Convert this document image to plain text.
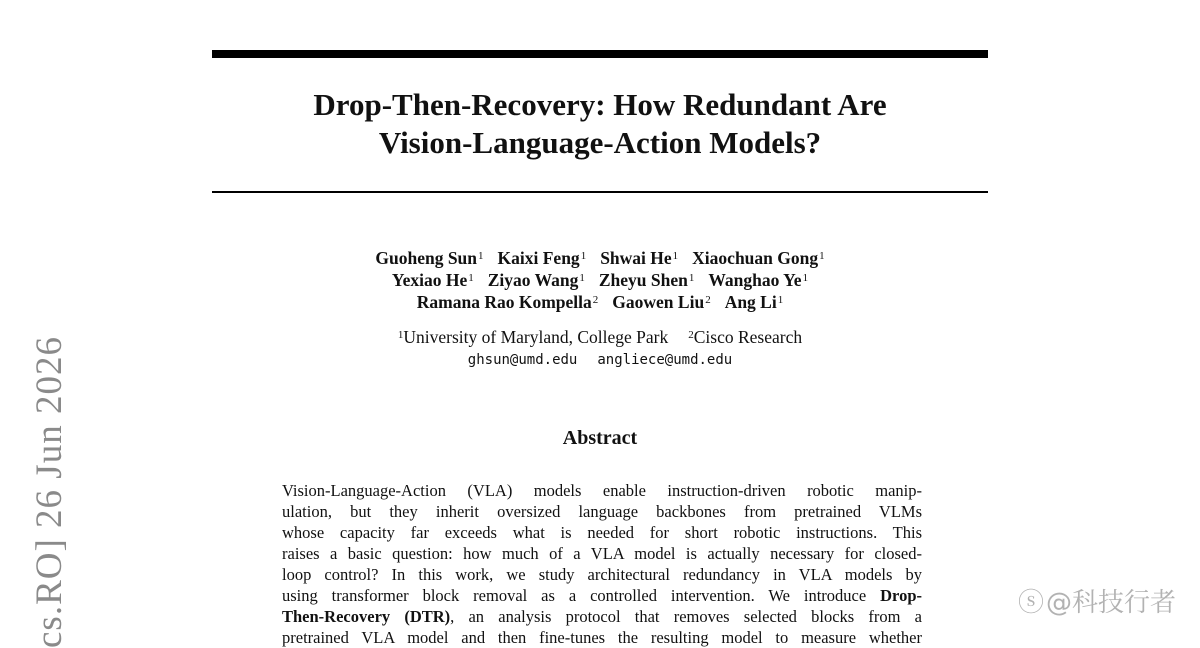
Drop-Then-Recovery: How Redundant Are
Vision-Language-Action Models?
Guoheng Sun$^1$ Kaixi Feng$^1$ Shwai He$^1$ Xiaochuan Gong$^1$
Yexiao He$^1$ Ziyao Wang$^1$ Zheyu Shen$^1$ Wanghao Ye$^1$
Ramana Rao Kompella$^2$ Gaowen Liu$^2$ Ang Li$^1$
$^1$University of Maryland, College Park $^2$Cisco Research
ghsun@umd.edu angliece@umd.edu
Abstract
Vision-Language-Action (VLA) models enable instruction-driven robotic manip-
ulation, but they inherit oversized language backbones from pretrained VLMs
whose capacity far exceeds what is needed for short robotic instructions. This
raises a basic question: how much of a VLA model is actually necessary for closed-
loop control? In this work, we study architectural redundancy in VLA models by
using transformer block removal as a controlled intervention. We introduce Drop-
Then-Recovery (DTR), an analysis protocol that removes selected blocks from a
pretrained VLA model and then fine-tunes the resulting model to measure whether
cs.RO] 26 Jun 2026	ⓢ@科技行者
